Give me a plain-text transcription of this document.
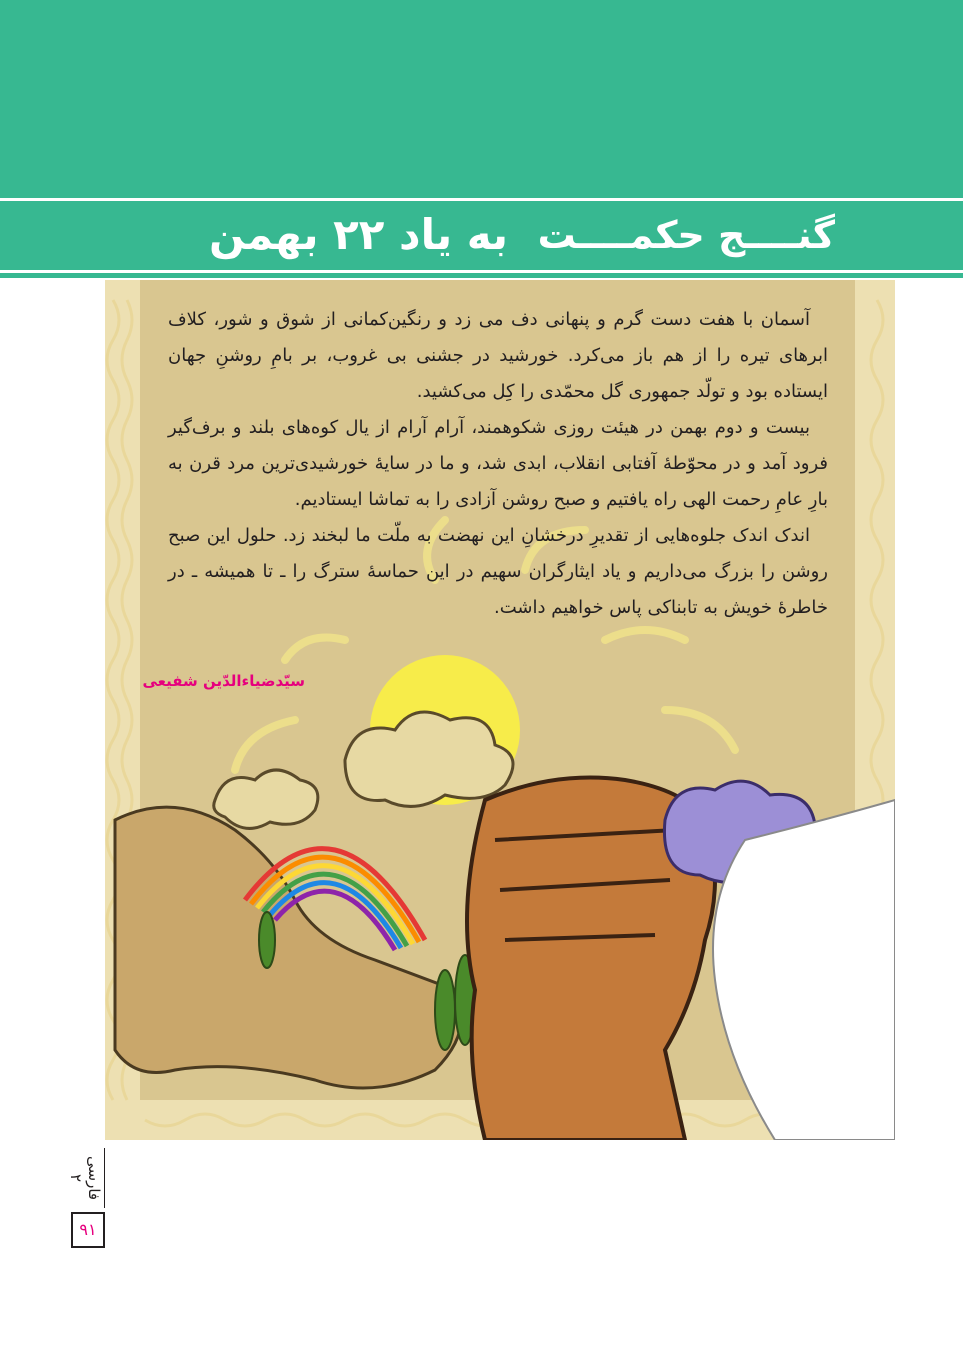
گنــــج حکمــــت
به یاد ۲۲ بهمن

آسمان با هفت دست گرم و پنهانی دف می زد و رنگین‌کمانی از شوق و شور، کلاف ابرهای تیره را از هم باز می‌کرد. خورشید در جشنی بی غروب، بر بامِ روشنِ جهان ایستاده بود و تولّد جمهوری گل محمّدی را کِل می‌کشید.

بیست و دوم بهمن در هیئت روزی شکوهمند، آرام آرام از یال کوه‌های بلند و برف‌گیر فرود آمد و در محوّطهٔ آفتابی انقلاب، ابدی شد، و ما در سایهٔ خورشیدی‌ترین مرد قرن به بارِ عامِ رحمت الهی راه یافتیم و صبح روشن آزادی را به تماشا ایستادیم.

اندک اندک جلوه‌هایی از تقدیرِ درخشانِ این نهضت به ملّت ما لبخند زد. حلول این صبح روشن را بزرگ می‌داریم و یاد ایثارگران سهیم در این حماسهٔ سترگ را ـ تا همیشه ـ در خاطرهٔ خویش به تابناکی پاس خواهیم داشت.

سیّدضیاءالدّین شفیعی
فارسی ۲
۹۱
